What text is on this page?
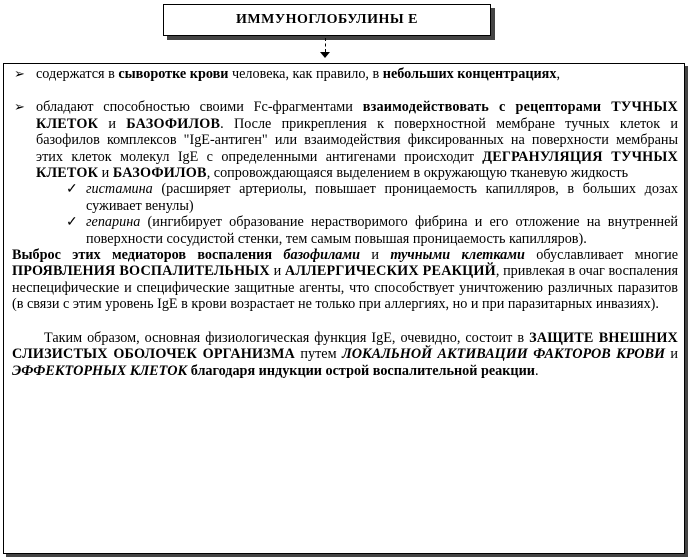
ИММУНОГЛОБУЛИНЫ Е
➢ содержатся в сыворотке крови человека, как правило, в небольших концентрациях,
➢ обладают способностью своими Fc-фрагментами взаимодействовать с рецепторами ТУЧНЫХ КЛЕТОК и БАЗОФИЛОВ. После прикрепления к поверхностной мембране тучных клеток и базофилов комплексов "IgE-антиген" или взаимодействия фиксированных на поверхности мембраны этих клеток молекул IgE с определенными антигенами происходит ДЕГРАНУЛЯЦИЯ ТУЧНЫХ КЛЕТОК и БАЗОФИЛОВ, сопровождающаяся выделением в окружающую тканевую жидкость
✓ гистамина (расширяет артериолы, повышает проницаемость капилляров, в больших дозах суживает венулы)
✓ гепарина (ингибирует образование нерастворимого фибрина и его отложение на внутренней поверхности сосудистой стенки, тем самым повышая проницаемость капилляров).

Выброс этих медиаторов воспаления базофилами и тучными клетками обуславливает многие ПРОЯВЛЕНИЯ ВОСПАЛИТЕЛЬНЫХ и АЛЛЕРГИЧЕСКИХ РЕАКЦИЙ, привлекая в очаг воспаления неспецифические и специфические защитные агенты, что способствует уничтожению различных паразитов (в связи с этим уровень IgE в крови возрастает не только при аллергиях, но и при паразитарных инвазиях).

Таким образом, основная физиологическая функция IgE, очевидно, состоит в ЗАЩИТЕ ВНЕШНИХ СЛИЗИСТЫХ ОБОЛОЧЕК ОРГАНИЗМА путем ЛОКАЛЬНОЙ АКТИВАЦИИ ФАКТОРОВ КРОВИ и ЭФФЕКТОРНЫХ КЛЕТОК благодаря индукции острой воспалительной реакции.
